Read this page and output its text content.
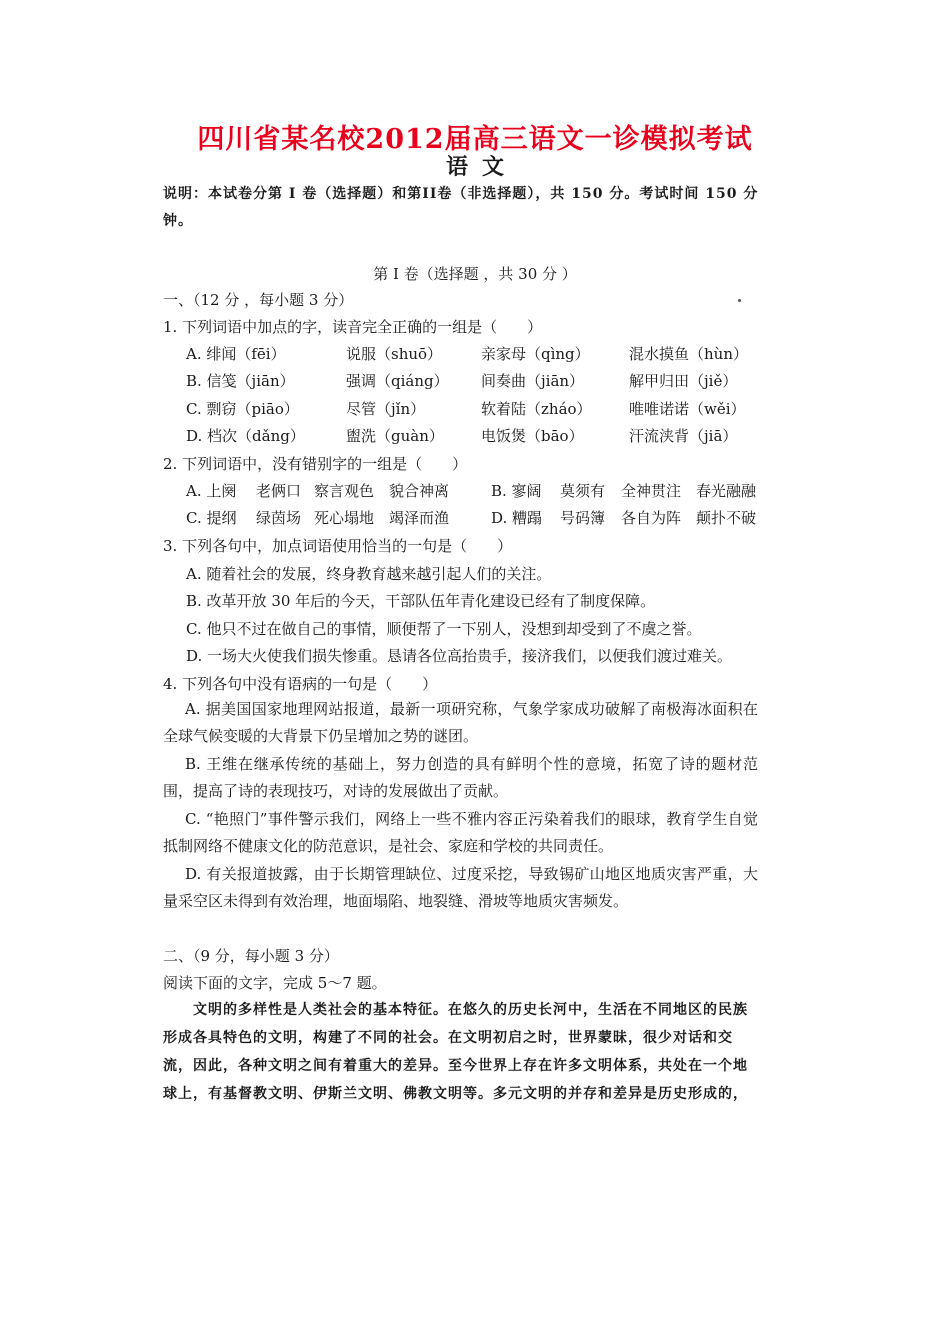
四川省某名校2012届高三语文一诊模拟考试
语文
说明：本试卷分第 I 卷（选择题）和第II卷（非选择题），共 150 分。考试时间 150 分钟。
第 I 卷（选择题 ，共 30 分 ）
一、（12 分 ，每小题 3 分）
1. 下列词语中加点的字，读音完全正确的一组是（　　）
A. 绯闻（fēi）	说服（shuō）	亲家母（qìng）	混水摸鱼（hùn）
B. 信笺（jiān）	强调（qiáng） 间奏曲（jiān）	解甲归田（jiě）
C. 剽窃（piāo）	尽管（jǐn）	软着陆（zháo） 唯唯诺诺（wěi）
D. 档次（dǎng）	盥洗（guàn） 电饭煲（bāo）	汗流浃背（jiā）
2. 下列词语中，没有错别字的一组是（　　）
A. 上阕 老俩口 察言观色 貌合神离	B. 寥阔 莫须有 全神贯注 春光融融
C. 提纲 绿茵场 死心塌地 竭泽而渔	D. 糟蹋 号码簿 各自为阵 颠扑不破
3. 下列各句中，加点词语使用恰当的一句是（　　）
A. 随着社会的发展，终身教育越来越引起人们的关注。
B. 改革开放 30 年后的今天，干部队伍年青化建设已经有了制度保障。
C. 他只不过在做自己的事情，顺便帮了一下别人，没想到却受到了不虞之誉。
D. 一场大火使我们损失惨重。恳请各位高抬贵手，接济我们，以便我们渡过难关。
4. 下列各句中没有语病的一句是（　　）
A. 据美国国家地理网站报道，最新一项研究称，气象学家成功破解了南极海冰面积在全球气候变暖的大背景下仍呈增加之势的谜团。
B. 王维在继承传统的基础上，努力创造的具有鲜明个性的意境，拓宽了诗的题材范围，提高了诗的表现技巧，对诗的发展做出了贡献。
C. “艳照门”事件警示我们，网络上一些不雅内容正污染着我们的眼球，教育学生自觉抵制网络不健康文化的防范意识，是社会、家庭和学校的共同责任。
D. 有关报道披露，由于长期管理缺位、过度采挖，导致锡矿山地区地质灾害严重，大量采空区未得到有效治理，地面塌陷、地裂缝、滑坡等地质灾害频发。
二、（9 分，每小题 3 分）
阅读下面的文字，完成 5～7 题。
文明的多样性是人类社会的基本特征。在悠久的历史长河中，生活在不同地区的民族形成各具特色的文明，构建了不同的社会。在文明初启之时，世界蒙昧，很少对话和交流，因此，各种文明之间有着重大的差异。至今世界上存在许多文明体系，共处在一个地球上，有基督教文明、伊斯兰文明、佛教文明等。多元文明的并存和差异是历史形成的，
